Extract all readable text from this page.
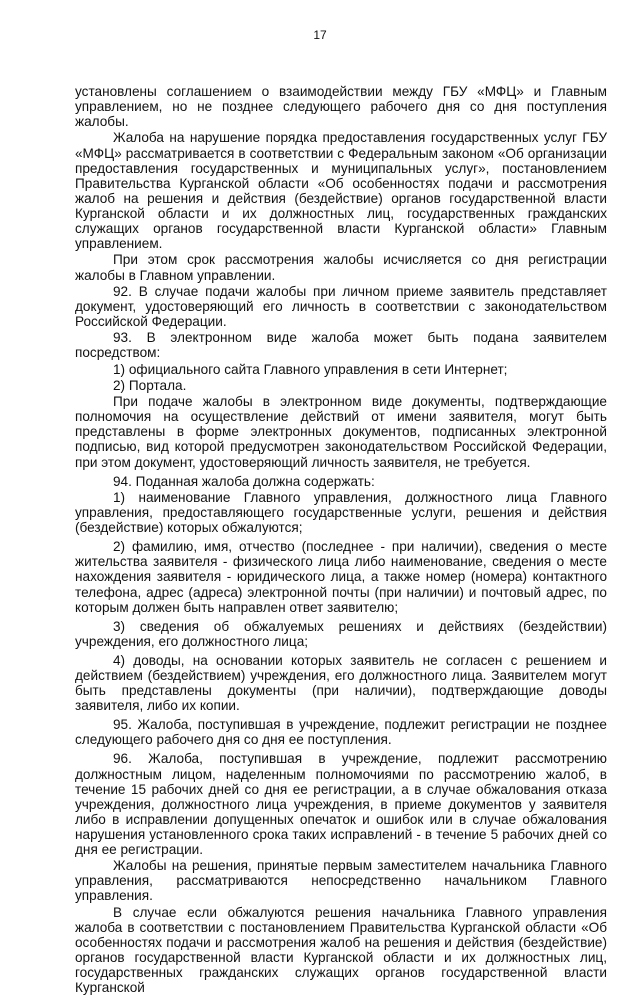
17

установлены соглашением о взаимодействии между ГБУ «МФЦ» и Главным управлением, но не позднее следующего рабочего дня со дня поступления жалобы.

Жалоба на нарушение порядка предоставления государственных услуг ГБУ «МФЦ» рассматривается в соответствии с Федеральным законом «Об организации предоставления государственных и муниципальных услуг», постановлением Правительства Курганской области «Об особенностях подачи и рассмотрения жалоб на решения и действия (бездействие) органов государственной власти Курганской области и их должностных лиц, государственных гражданских служащих органов государственной власти Курганской области» Главным управлением.

При этом срок рассмотрения жалобы исчисляется со дня регистрации жалобы в Главном управлении.

92. В случае подачи жалобы при личном приеме заявитель представляет документ, удостоверяющий его личность в соответствии с законодательством Российской Федерации.

93. В электронном виде жалоба может быть подана заявителем посредством:

1) официального сайта Главного управления в сети Интернет;

2) Портала.

При подаче жалобы в электронном виде документы, подтверждающие полномочия на осуществление действий от имени заявителя, могут быть представлены в форме электронных документов, подписанных электронной подписью, вид которой предусмотрен законодательством Российской Федерации, при этом документ, удостоверяющий личность заявителя, не требуется.

94. Поданная жалоба должна содержать:

1) наименование Главного управления, должностного лица Главного управления, предоставляющего государственные услуги, решения и действия (бездействие) которых обжалуются;

2) фамилию, имя, отчество (последнее - при наличии), сведения о месте жительства заявителя - физического лица либо наименование, сведения о месте нахождения заявителя - юридического лица, а также номер (номера) контактного телефона, адрес (адреса) электронной почты (при наличии) и почтовый адрес, по которым должен быть направлен ответ заявителю;

3) сведения об обжалуемых решениях и действиях (бездействии) учреждения, его должностного лица;

4) доводы, на основании которых заявитель не согласен с решением и действием (бездействием) учреждения, его должностного лица. Заявителем могут быть представлены документы (при наличии), подтверждающие доводы заявителя, либо их копии.

95. Жалоба, поступившая в учреждение, подлежит регистрации не позднее следующего рабочего дня со дня ее поступления.

96. Жалоба, поступившая в учреждение, подлежит рассмотрению должностным лицом, наделенным полномочиями по рассмотрению жалоб, в течение 15 рабочих дней со дня ее регистрации, а в случае обжалования отказа учреждения, должностного лица учреждения, в приеме документов у заявителя либо в исправлении допущенных опечаток и ошибок или в случае обжалования нарушения установленного срока таких исправлений - в течение 5 рабочих дней со дня ее регистрации.

Жалобы на решения, принятые первым заместителем начальника Главного управления, рассматриваются непосредственно начальником Главного управления.

В случае если обжалуются решения начальника Главного управления жалоба в соответствии с постановлением Правительства Курганской области «Об особенностях подачи и рассмотрения жалоб на решения и действия (бездействие) органов государственной власти Курганской области и их должностных лиц, государственных гражданских служащих органов государственной власти Курганской
